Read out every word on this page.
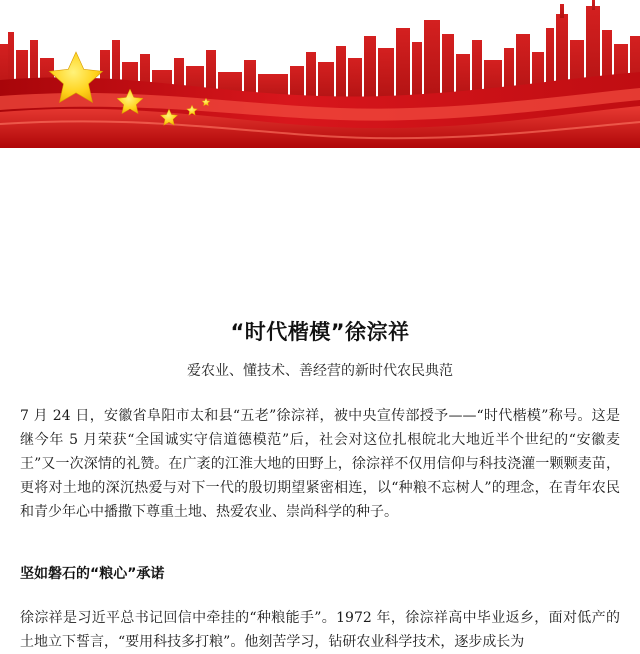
“时代楷模”徐淙祥
爱农业、懂技术、善经营的新时代农民典范
7 月 24 日，安徽省阜阳市太和县“五老”徐淙祥，被中央宣传部授予——“时代楷模”称号。这是继今年 5 月荣获“全国诚实守信道德模范”后，社会对这位扎根皖北大地近半个世纪的“安徽麦王”又一次深情的礼赞。在广袤的江淮大地的田野上，徐淙祥不仅用信仰与科技浇灌一颗颗麦苗，更将对土地的深沉热爱与对下一代的殷切期望紧密相连，以“种粮不忘树人”的理念，在青年农民和青少年心中播撒下尊重土地、热爱农业、崇尚科学的种子。
坚如磐石的“粮心”承诺
徐淙祥是习近平总书记回信中牵挂的“种粮能手”。1972 年，徐淙祥高中毕业返乡，面对低产的土地立下誓言，“要用科技多打粮”。他刻苦学习，钻研农业科学技术，逐步成长为
